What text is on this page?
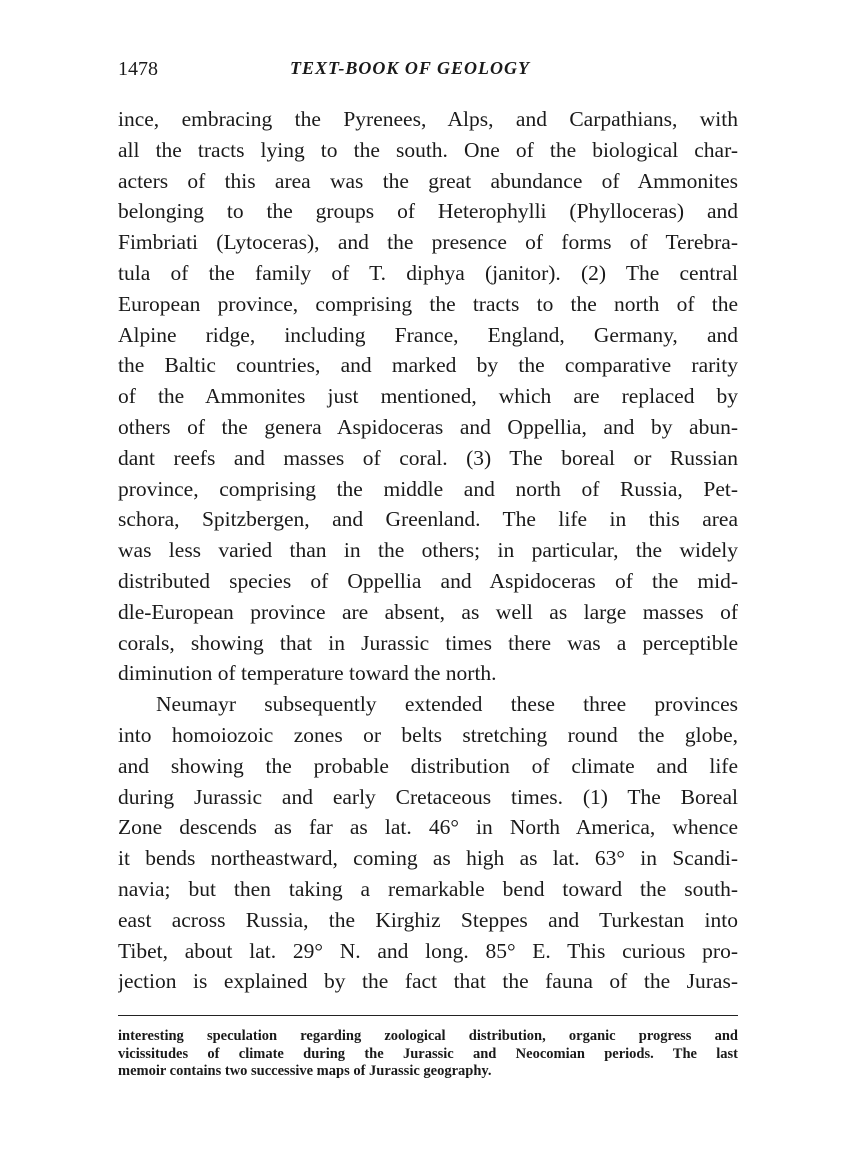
1478	TEXT-BOOK OF GEOLOGY
ince, embracing the Pyrenees, Alps, and Carpathians, with
all the tracts lying to the south. One of the biological char-
acters of this area was the great abundance of Ammonites
belonging to the groups of Heterophylli (Phylloceras) and
Fimbriati (Lytoceras), and the presence of forms of Terebra-
tula of the family of T. diphya (janitor). (2) The central
European province, comprising the tracts to the north of the
Alpine ridge, including France, England, Germany, and
the Baltic countries, and marked by the comparative rarity
of the Ammonites just mentioned, which are replaced by
others of the genera Aspidoceras and Oppellia, and by abun-
dant reefs and masses of coral. (3) The boreal or Russian
province, comprising the middle and north of Russia, Pet-
schora, Spitzbergen, and Greenland. The life in this area
was less varied than in the others; in particular, the widely
distributed species of Oppellia and Aspidoceras of the mid-
dle-European province are absent, as well as large masses of
corals, showing that in Jurassic times there was a perceptible
diminution of temperature toward the north.
Neumayr subsequently extended these three provinces
into homoiozoic zones or belts stretching round the globe,
and showing the probable distribution of climate and life
during Jurassic and early Cretaceous times. (1) The Boreal
Zone descends as far as lat. 46° in North America, whence
it bends northeastward, coming as high as lat. 63° in Scandi-
navia; but then taking a remarkable bend toward the south-
east across Russia, the Kirghiz Steppes and Turkestan into
Tibet, about lat. 29° N. and long. 85° E. This curious pro-
jection is explained by the fact that the fauna of the Juras-
interesting speculation regarding zoological distribution, organic progress and
vicissitudes of climate during the Jurassic and Neocomian periods. The last
memoir contains two successive maps of Jurassic geography.
